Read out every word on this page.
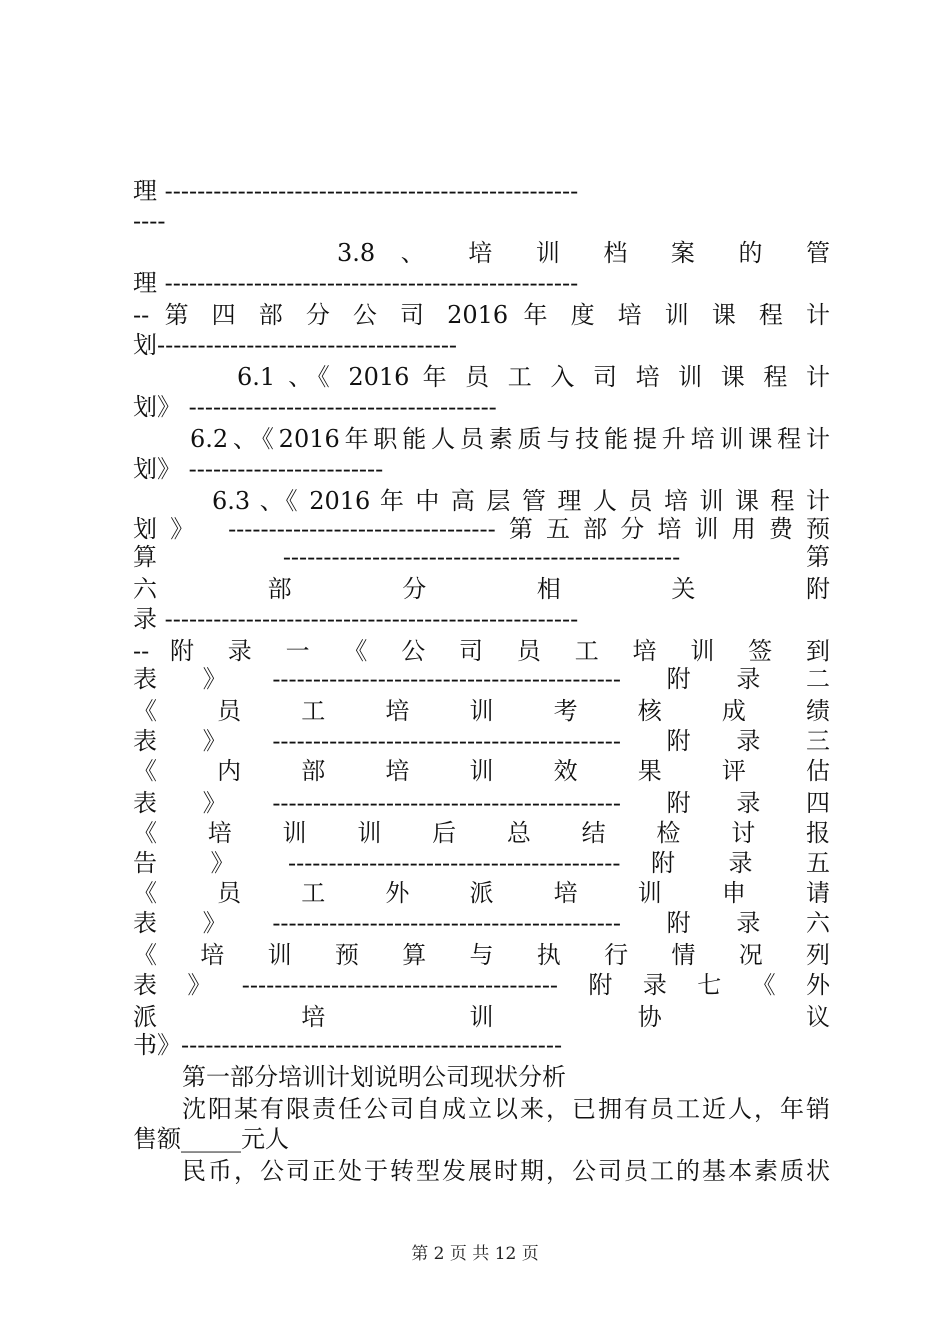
理 ---------------------------------------------------
----
3.8 、 培 训 档 案 的 管
理 ---------------------------------------------------
-- 第 四 部 分 公 司 2016 年 度 培 训 课 程 计
划-------------------------------------
6.1 、《 2016 年 员 工 入 司 培 训 课 程 计
划》 --------------------------------------
6.2、《2016年职能人员素质与技能提升培训课程计
划》 ------------------------
6.3 、《 2016 年 中 高 层 管 理 人 员 培 训 课 程 计
划》 ---------------------------------第五部分培训用费预
算-------------------------------------------------第
六 部 分 相 关 附
录 ---------------------------------------------------
-- 附 录 一 《 公 司 员 工 培 训 签 到
表》-------------------------------------------附录二
《 员 工 培 训 考 核 成 绩
表》-------------------------------------------附录三
《 内 部 培 训 效 果 评 估
表》-------------------------------------------附录四
《 培 训 训 后 总 结 检 讨 报
告 》 ----------------------------------------- 附 录 五
《 员 工 外 派 培 训 申 请
表》-------------------------------------------附录六
《 培 训 预 算 与 执 行 情 况 列
表》---------------------------------------附录七《外
派 培 训 协 议
书》-----------------------------------------------
第一部分培训计划说明公司现状分析
沈阳某有限责任公司自成立以来，已拥有员工近人，年销
售额_____元人
民币，公司正处于转型发展时期，公司员工的基本素质状
第 2 页 共 12 页
